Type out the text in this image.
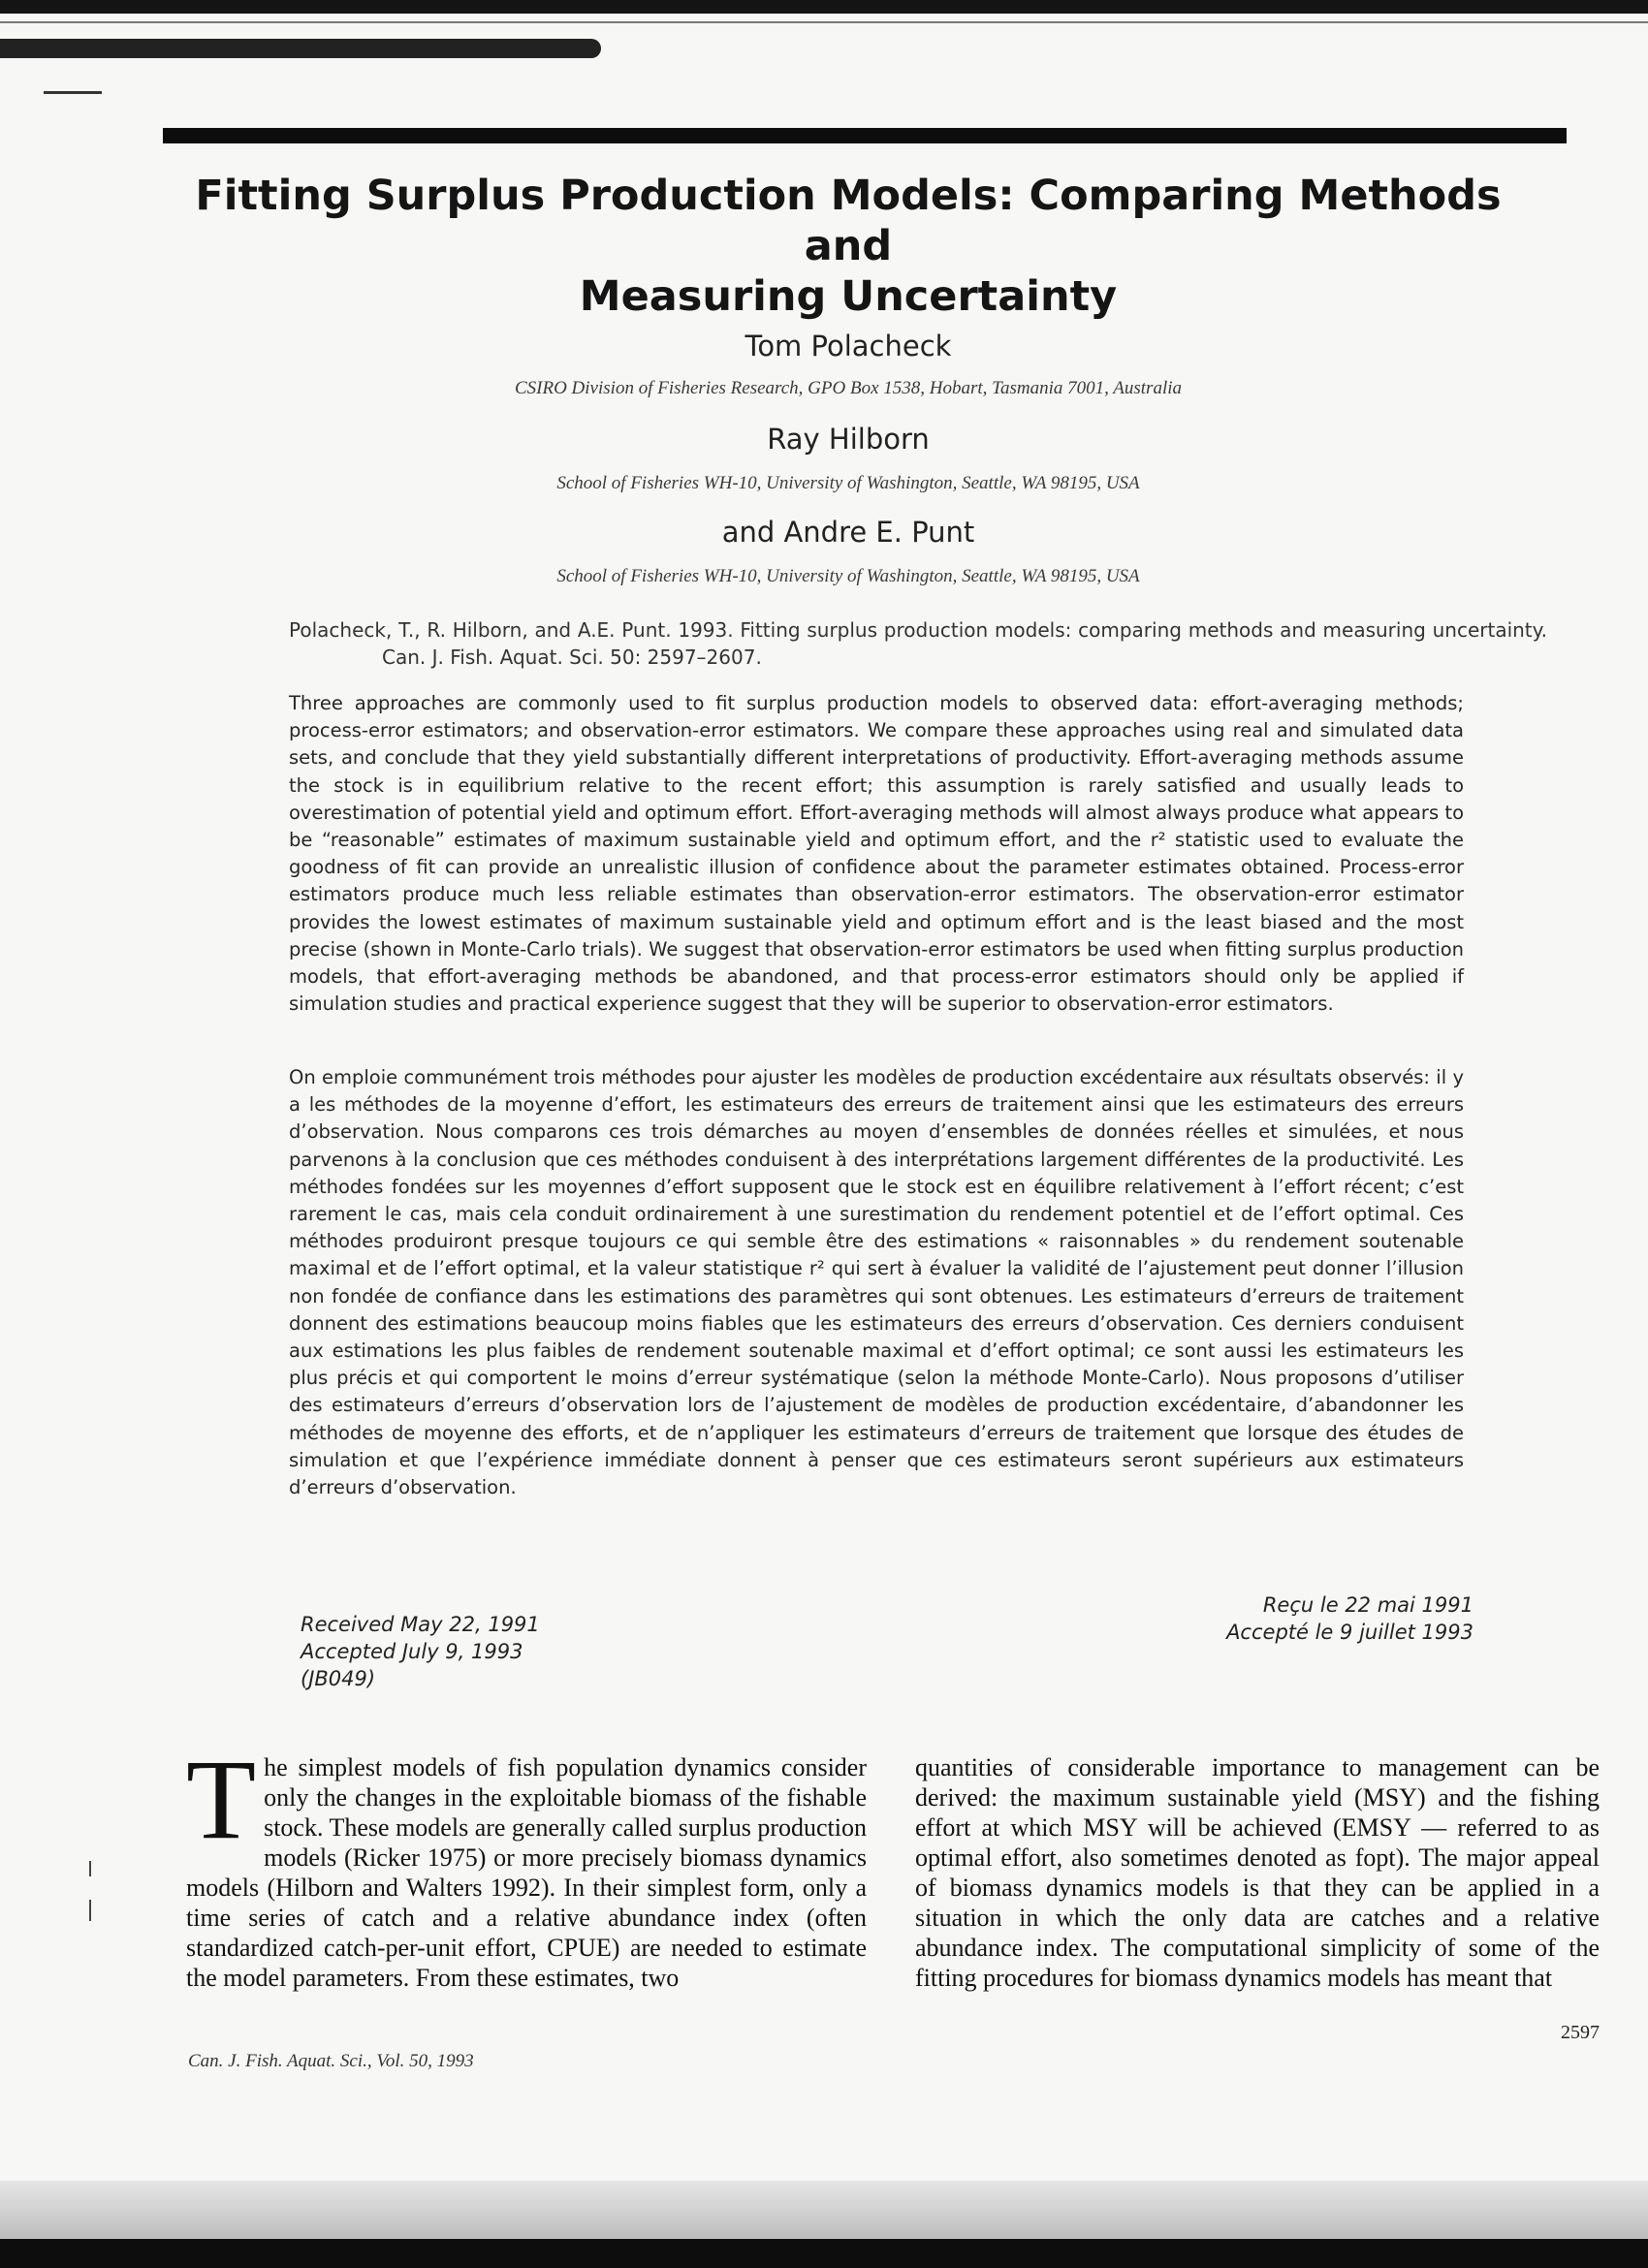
Fitting Surplus Production Models: Comparing Methods and
Measuring Uncertainty
Tom Polacheck
CSIRO Division of Fisheries Research, GPO Box 1538, Hobart, Tasmania 7001, Australia
Ray Hilborn
School of Fisheries WH-10, University of Washington, Seattle, WA 98195, USA
and Andre E. Punt
School of Fisheries WH-10, University of Washington, Seattle, WA 98195, USA
Polacheck, T., R. Hilborn, and A.E. Punt. 1993. Fitting surplus production models: comparing methods and measuring uncertainty. Can. J. Fish. Aquat. Sci. 50: 2597–2607.

Three approaches are commonly used to fit surplus production models to observed data: effort-averaging methods; process-error estimators; and observation-error estimators. We compare these approaches using real and simulated data sets, and conclude that they yield substantially different interpretations of productivity. Effort-averaging methods assume the stock is in equilibrium relative to the recent effort; this assumption is rarely satisfied and usually leads to overestimation of potential yield and optimum effort. Effort-averaging methods will almost always produce what appears to be “reasonable” estimates of maximum sustainable yield and optimum effort, and the r² statistic used to evaluate the goodness of fit can provide an unrealistic illusion of confidence about the parameter estimates obtained. Process-error estimators produce much less reliable estimates than observation-error estimators. The observation-error estimator provides the lowest estimates of maximum sustainable yield and optimum effort and is the least biased and the most precise (shown in Monte-Carlo trials). We suggest that observation-error estimators be used when fitting surplus production models, that effort-averaging methods be abandoned, and that process-error estimators should only be applied if simulation studies and practical experience suggest that they will be superior to observation-error estimators.

On emploie communément trois méthodes pour ajuster les modèles de production excédentaire aux résultats observés: il y a les méthodes de la moyenne d’effort, les estimateurs des erreurs de traitement ainsi que les estimateurs des erreurs d’observation. Nous comparons ces trois démarches au moyen d’ensembles de données réelles et simulées, et nous parvenons à la conclusion que ces méthodes conduisent à des interprétations largement différentes de la productivité. Les méthodes fondées sur les moyennes d’effort supposent que le stock est en équilibre relativement à l’effort récent; c’est rarement le cas, mais cela conduit ordinairement à une surestimation du rendement potentiel et de l’effort optimal. Ces méthodes produiront presque toujours ce qui semble être des estimations « raisonnables » du rendement soutenable maximal et de l’effort optimal, et la valeur statistique r² qui sert à évaluer la validité de l’ajustement peut donner l’illusion non fondée de confiance dans les estimations des paramètres qui sont obtenues. Les estimateurs d’erreurs de traitement donnent des estimations beaucoup moins fiables que les estimateurs des erreurs d’observation. Ces derniers conduisent aux estimations les plus faibles de rendement soutenable maximal et d’effort optimal; ce sont aussi les estimateurs les plus précis et qui comportent le moins d’erreur systématique (selon la méthode Monte-Carlo). Nous proposons d’utiliser des estimateurs d’erreurs d’observation lors de l’ajustement de modèles de production excédentaire, d’abandonner les méthodes de moyenne des efforts, et de n’appliquer les estimateurs d’erreurs de traitement que lorsque des études de simulation et que l’expérience immédiate donnent à penser que ces estimateurs seront supérieurs aux estimateurs d’erreurs d’observation.

Received May 22, 1991
Accepted July 9, 1993
(JB049)
Reçu le 22 mai 1991
Accepté le 9 juillet 1993

The simplest models of fish population dynamics consider only the changes in the exploitable biomass of the fishable stock. These models are generally called surplus production models (Ricker 1975) or more precisely biomass dynamics models (Hilborn and Walters 1992). In their simplest form, only a time series of catch and a relative abundance index (often standardized catch-per-unit effort, CPUE) are needed to estimate the model parameters. From these estimates, two

quantities of considerable importance to management can be derived: the maximum sustainable yield (MSY) and the fishing effort at which MSY will be achieved (EMSY — referred to as optimal effort, also sometimes denoted as fopt). The major appeal of biomass dynamics models is that they can be applied in a situation in which the only data are catches and a relative abundance index. The computational simplicity of some of the fitting procedures for biomass dynamics models has meant that

Can. J. Fish. Aquat. Sci., Vol. 50, 1993
2597
